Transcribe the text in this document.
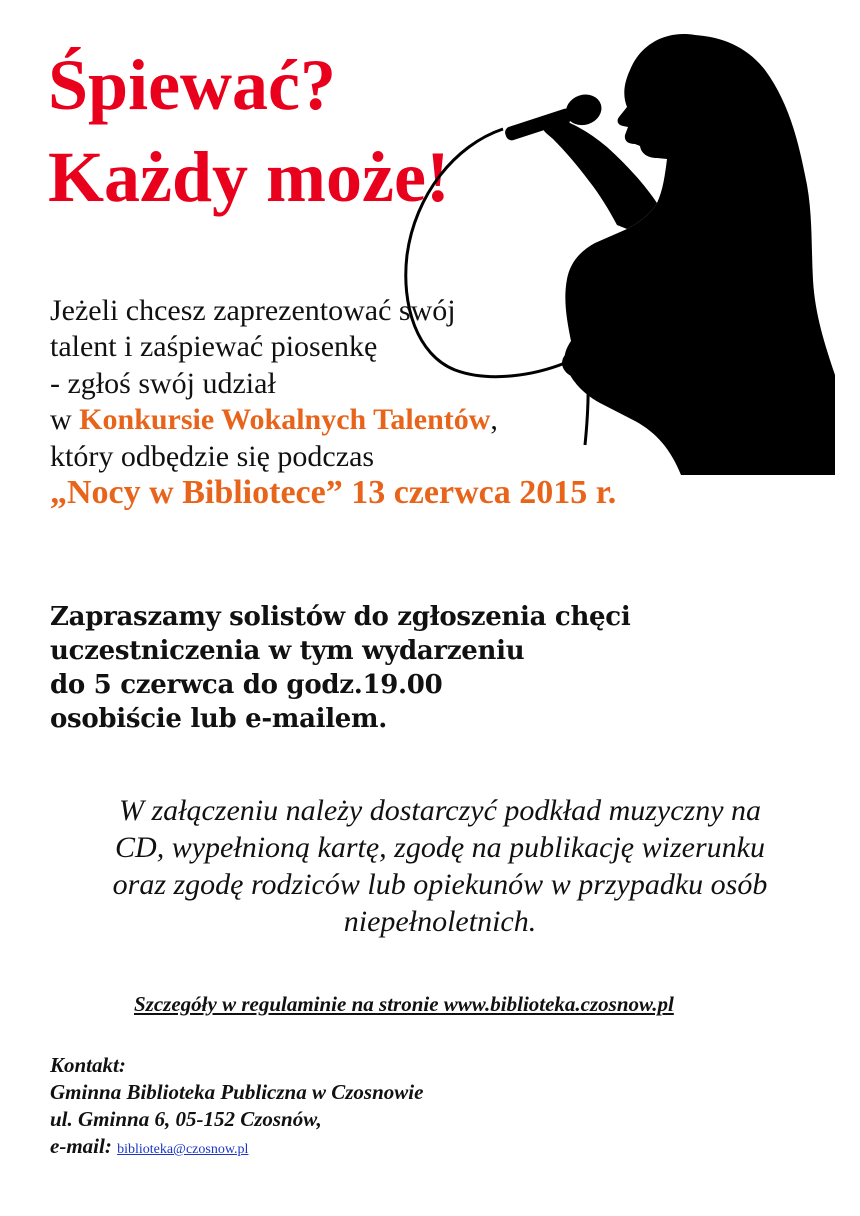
Śpiewać?
Każdy może!
Jeżeli chcesz zaprezentować swój
talent i zaśpiewać piosenkę
- zgłoś swój udział
w Konkursie Wokalnych Talentów,
który odbędzie się podczas
„Nocy w Bibliotece” 13 czerwca 2015 r.
Zapraszamy solistów do zgłoszenia chęci
uczestniczenia w tym wydarzeniu
do 5 czerwca do godz.19.00
osobiście lub e-mailem.
W załączeniu należy dostarczyć podkład muzyczny na
CD, wypełnioną kartę, zgodę na publikację wizerunku
oraz zgodę rodziców lub opiekunów w przypadku osób
niepełnoletnich.
Szczegóły w regulaminie na stronie www.biblioteka.czosnow.pl
Kontakt:
Gminna Biblioteka Publiczna w Czosnowie
ul. Gminna 6, 05-152 Czosnów,
e-mail: biblioteka@czosnow.pl
